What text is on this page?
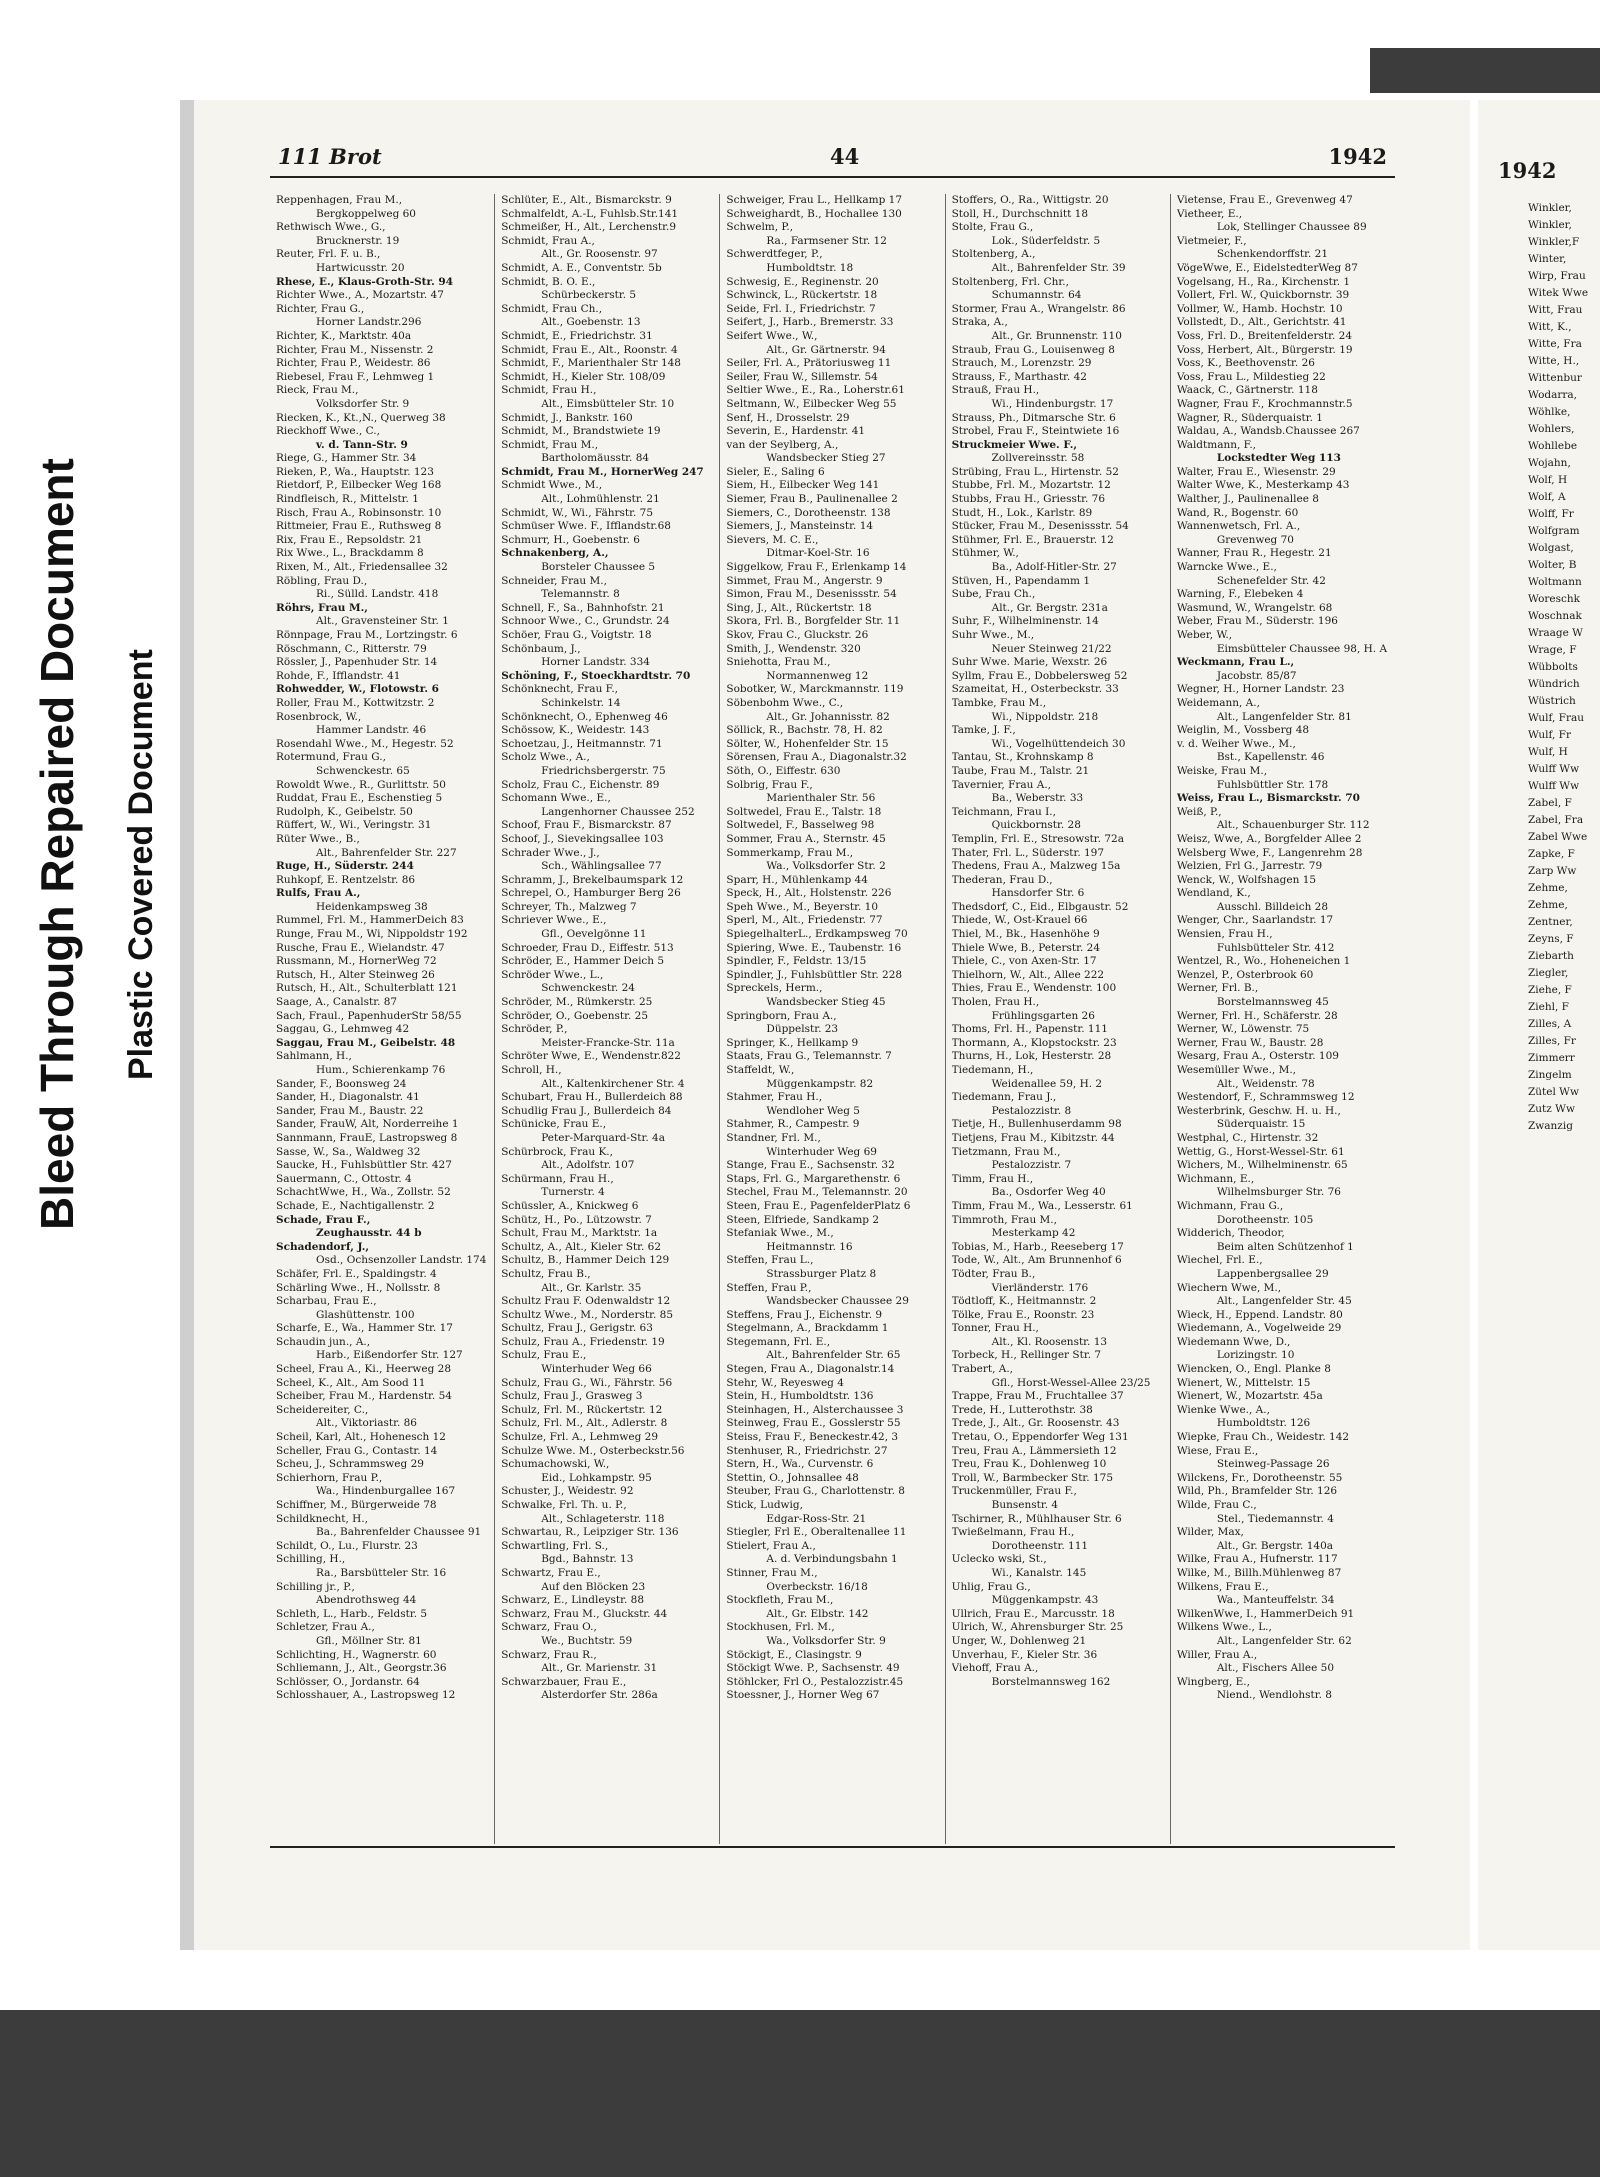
Bleed Through Repaired Document Plastic Covered Document
111 Brot	44	1942
Reppenhagen, Frau M.,
Bergkoppelweg 60
Rethwisch Wwe., G.,
Brucknerstr. 19
Reuter, Frl. F. u. B.,
Hartwicusstr. 20
Rhese, E., Klaus-Groth-Str. 94
Richter Wwe., A., Mozartstr. 47
Richter, Frau G.,
Horner Landstr.296
Richter, K., Marktstr. 40a
Richter, Frau M., Nissenstr. 2
Richter, Frau P., Weidestr. 86
Riebesel, Frau F., Lehmweg 1
Rieck, Frau M.,
Volksdorfer Str. 9
Riecken, K., Kt.,N., Querweg 38
Rieckhoff Wwe., C.,
v. d. Tann-Str. 9
Riege, G., Hammer Str. 34
Rieken, P., Wa., Hauptstr. 123
Rietdorf, P., Eilbecker Weg 168
Rindfleisch, R., Mittelstr. 1
Risch, Frau A., Robinsonstr. 10
Rittmeier, Frau E., Ruthsweg 8
Rix, Frau E., Repsoldstr. 21
Rix Wwe., L., Brackdamm 8
Rixen, M., Alt., Friedensallee 32
Röbling, Frau D.,
Ri., Sülld. Landstr. 418
Röhrs, Frau M.,
Alt., Gravensteiner Str. 1
Rönnpage, Frau M., Lortzingstr. 6
Röschmann, C., Ritterstr. 79
Rössler, J., Papenhuder Str. 14
Rohde, F., Ifflandstr. 41
Rohwedder, W., Flotowstr. 6
Roller, Frau M., Kottwitzstr. 2
Rosenbrock, W.,
Hammer Landstr. 46
Rosendahl Wwe., M., Hegestr. 52
Rotermund, Frau G.,
Schwenckestr. 65
Rowoldt Wwe., R., Gurlittstr. 50
Ruddat, Frau E., Eschenstieg 5
Rudolph, K., Geibelstr. 50
Rüffert, W., Wi., Veringstr. 31
Rüter Wwe., B.,
Alt., Bahrenfelder Str. 227
Ruge, H., Süderstr. 244
Ruhkopf, E. Rentzelstr. 86
Rulfs, Frau A.,
Heidenkampsweg 38
Rummel, Frl. M., HammerDeich 83
Runge, Frau M., Wi, Nippoldstr 192
Rusche, Frau E., Wielandstr. 47
Russmann, M., HornerWeg 72
Rutsch, H., Alter Steinweg 26
Rutsch, H., Alt., Schulterblatt 121
Saage, A., Canalstr. 87
Sach, Fraul., PapenhuderStr 58/55
Saggau, G., Lehmweg 42
Saggau, Frau M., Geibelstr. 48
Sahlmann, H.,
Hum., Schierenkamp 76
Sander, F., Boonsweg 24
Sander, H., Diagonalstr. 41
Sander, Frau M., Baustr. 22
Sander, FrauW, Alt, Norderreihe 1
Sannmann, FrauE, Lastropsweg 8
Sasse, W., Sa., Waldweg 32
Saucke, H., Fuhlsbüttler Str. 427
Sauermann, C., Ottostr. 4
SchachtWwe, H., Wa., Zollstr. 52
Schade, E., Nachtigallenstr. 2
Schade, Frau F.,
Zeughausstr. 44 b
Schadendorf, J.,
Osd., Ochsenzoller Landstr. 174
Schäfer, Frl. E., Spaldingstr. 4
Schärling Wwe., H., Nollsstr. 8
Scharbau, Frau E.,
Glashüttenstr. 100
Scharfe, E., Wa., Hammer Str. 17
Schaudin jun., A.,
Harb., Eißendorfer Str. 127
Scheel, Frau A., Ki., Heerweg 28
Scheel, K., Alt., Am Sood 11
Scheiber, Frau M., Hardenstr. 54
Scheidereiter, C.,
Alt., Viktoriastr. 86
Scheil, Karl, Alt., Hohenesch 12
Scheller, Frau G., Contastr. 14
Scheu, J., Schrammsweg 29
Schierhorn, Frau P.,
Wa., Hindenburgallee 167
Schiffner, M., Bürgerweide 78
Schildknecht, H.,
Ba., Bahrenfelder Chaussee 91
Schildt, O., Lu., Flurstr. 23
Schilling, H.,
Ra., Barsbütteler Str. 16
Schilling jr., P.,
Abendrothsweg 44
Schleth, L., Harb., Feldstr. 5
Schletzer, Frau A.,
Gfl., Möllner Str. 81
Schlichting, H., Wagnerstr. 60
Schliemann, J., Alt., Georgstr.36
Schlösser, O., Jordanstr. 64
Schlosshauer, A., Lastropsweg 12
Schlüter, E., Alt., Bismarckstr. 9
Schmalfeldt, A.-L, Fuhlsb.Str.141
Schmeißer, H., Alt., Lerchenstr.9
Schmidt, Frau A.,
Alt., Gr. Roosenstr. 97
Schmidt, A. E., Conventstr. 5b
Schmidt, B. O. E.,
Schürbeckerstr. 5
Schmidt, Frau Ch.,
Alt., Goebenstr. 13
Schmidt, E., Friedrichstr. 31
Schmidt, Frau E., Alt., Roonstr. 4
Schmidt, F., Marienthaler Str 148
Schmidt, H., Kieler Str. 108/09
Schmidt, Frau H.,
Alt., Eimsbütteler Str. 10
Schmidt, J., Bankstr. 160
Schmidt, M., Brandstwiete 19
Schmidt, Frau M.,
Bartholomäusstr. 84
Schmidt, Frau M., HornerWeg 247
Schmidt Wwe., M.,
Alt., Lohmühlenstr. 21
Schmidt, W., Wi., Fährstr. 75
Schmüser Wwe. F., Ifflandstr.68
Schmurr, H., Goebenstr. 6
Schnakenberg, A.,
Borsteler Chaussee 5
Schneider, Frau M.,
Telemannstr. 8
Schnell, F., Sa., Bahnhofstr. 21
Schnoor Wwe., C., Grundstr. 24
Schöer, Frau G., Voigtstr. 18
Schönbaum, J.,
Horner Landstr. 334
Schöning, F., Stoeckhardtstr. 70
Schönknecht, Frau F.,
Schinkelstr. 14
Schönknecht, O., Ephenweg 46
Schössow, K., Weidestr. 143
Schoetzau, J., Heitmannstr. 71
Scholz Wwe., A.,
Friedrichsbergerstr. 75
Scholz, Frau C., Eichenstr. 89
Schomann Wwe., E.,
Langenhorner Chaussee 252
Schoof, Frau F., Bismarckstr. 87
Schoof, J., Sievekingsallee 103
Schrader Wwe., J.,
Sch., Wählingsallee 77
Schramm, J., Brekelbaumspark 12
Schrepel, O., Hamburger Berg 26
Schreyer, Th., Malzweg 7
Schriever Wwe., E.,
Gfl., Oevelgönne 11
Schroeder, Frau D., Eiffestr. 513
Schröder, E., Hammer Deich 5
Schröder Wwe., L.,
Schwenckestr. 24
Schröder, M., Rümkerstr. 25
Schröder, O., Goebenstr. 25
Schröder, P.,
Meister-Francke-Str. 11a
Schröter Wwe, E., Wendenstr.822
Schroll, H.,
Alt., Kaltenkirchener Str. 4
Schubart, Frau H., Bullerdeich 88
Schudlig Frau J., Bullerdeich 84
Schünicke, Frau E.,
Peter-Marquard-Str. 4a
Schürbrock, Frau K.,
Alt., Adolfstr. 107
Schürmann, Frau H.,
Turnerstr. 4
Schüssler, A., Knickweg 6
Schütz, H., Po., Lützowstr. 7
Schult, Frau M., Marktstr. 1a
Schultz, A., Alt., Kieler Str. 62
Schultz, B., Hammer Deich 129
Schultz, Frau B.,
Alt., Gr. Karlstr. 35
Schultz Frau F. Odenwaldstr 12
Schultz Wwe., M., Norderstr. 85
Schultz, Frau J., Gerigstr. 63
Schulz, Frau A., Friedenstr. 19
Schulz, Frau E.,
Winterhuder Weg 66
Schulz, Frau G., Wi., Fährstr. 56
Schulz, Frau J., Grasweg 3
Schulz, Frl. M., Rückertstr. 12
Schulz, Frl. M., Alt., Adlerstr. 8
Schulze, Frl. A., Lehmweg 29
Schulze Wwe. M., Osterbeckstr.56
Schumachowski, W.,
Eid., Lohkampstr. 95
Schuster, J., Weidestr. 92
Schwalke, Frl. Th. u. P.,
Alt., Schlageterstr. 118
Schwartau, R., Leipziger Str. 136
Schwartling, Frl. S.,
Bgd., Bahnstr. 13
Schwartz, Frau E.,
Auf den Blöcken 23
Schwarz, E., Lindleystr. 88
Schwarz, Frau M., Gluckstr. 44
Schwarz, Frau O.,
We., Buchtstr. 59
Schwarz, Frau R.,
Alt., Gr. Marienstr. 31
Schwarzbauer, Frau E.,
Alsterdorfer Str. 286a
Schweiger, Frau L., Hellkamp 17
Schweighardt, B., Hochallee 130
Schwelm, P.,
Ra., Farmsener Str. 12
Schwerdtfeger, P.,
Humboldtstr. 18
Schwesig, E., Reginenstr. 20
Schwinck, L., Rückertstr. 18
Seide, Frl. I., Friedrichstr. 7
Seifert, J., Harb., Bremerstr. 33
Seifert Wwe., W.,
Alt., Gr. Gärtnerstr. 94
Seiler, Frl. A., Prätoriusweg 11
Seiler, Frau W., Sillemstr. 54
Seltier Wwe., E., Ra., Loherstr.61
Seltmann, W., Eilbecker Weg 55
Senf, H., Drosselstr. 29
Severin, E., Hardenstr. 41
van der Seylberg, A.,
Wandsbecker Stieg 27
Sieler, E., Saling 6
Siem, H., Eilbecker Weg 141
Siemer, Frau B., Paulinenallee 2
Siemers, C., Dorotheenstr. 138
Siemers, J., Mansteinstr. 14
Sievers, M. C. E.,
Ditmar-Koel-Str. 16
Siggelkow, Frau F., Erlenkamp 14
Simmet, Frau M., Angerstr. 9
Simon, Frau M., Desenissstr. 54
Sing, J., Alt., Rückertstr. 18
Skora, Frl. B., Borgfelder Str. 11
Skov, Frau C., Gluckstr. 26
Smith, J., Wendenstr. 320
Sniehotta, Frau M.,
Normannenweg 12
Sobotker, W., Marckmannstr. 119
Söbenbohm Wwe., C.,
Alt., Gr. Johannisstr. 82
Söllick, R., Bachstr. 78, H. 82
Sölter, W., Hohenfelder Str. 15
Sörensen, Frau A., Diagonalstr.32
Söth, O., Eiffestr. 630
Solbrig, Frau F.,
Marienthaler Str. 56
Soltwedel, Frau E., Talstr. 18
Soltwedel, F., Basselweg 98
Sommer, Frau A., Sternstr. 45
Sommerkamp, Frau M.,
Wa., Volksdorfer Str. 2
Sparr, H., Mühlenkamp 44
Speck, H., Alt., Holstenstr. 226
Speh Wwe., M., Beyerstr. 10
Sperl, M., Alt., Friedenstr. 77
SpiegelhalterL., Erdkampsweg 70
Spiering, Wwe. E., Taubenstr. 16
Spindler, F., Feldstr. 13/15
Spindler, J., Fuhlsbüttler Str. 228
Spreckels, Herm.,
Wandsbecker Stieg 45
Springborn, Frau A.,
Düppelstr. 23
Springer, K., Hellkamp 9
Staats, Frau G., Telemannstr. 7
Staffeldt, W.,
Müggenkampstr. 82
Stahmer, Frau H.,
Wendloher Weg 5
Stahmer, R., Campestr. 9
Standner, Frl. M.,
Winterhuder Weg 69
Stange, Frau E., Sachsenstr. 32
Staps, Frl. G., Margarethenstr. 6
Stechel, Frau M., Telemannstr. 20
Steen, Frau E., PagenfelderPlatz 6
Steen, Elfriede, Sandkamp 2
Stefaniak Wwe., M.,
Heitmannstr. 16
Steffen, Frau L.,
Strassburger Platz 8
Steffen, Frau P.,
Wandsbecker Chaussee 29
Steffens, Frau J., Eichenstr. 9
Stegelmann, A., Brackdamm 1
Stegemann, Frl. E.,
Alt., Bahrenfelder Str. 65
Stegen, Frau A., Diagonalstr.14
Stehr, W., Reyesweg 4
Stein, H., Humboldtstr. 136
Steinhagen, H., Alsterchaussee 3
Steinweg, Frau E., Gosslerstr 55
Steiss, Frau F., Beneckestr.42, 3
Stenhuser, R., Friedrichstr. 27
Stern, H., Wa., Curvenstr. 6
Stettin, O., Johnsallee 48
Steuber, Frau G., Charlottenstr. 8
Stick, Ludwig,
Edgar-Ross-Str. 21
Stiegler, Frl E., Oberaltenallee 11
Stielert, Frau A.,
A. d. Verbindungsbahn 1
Stinner, Frau M.,
Overbeckstr. 16/18
Stockfleth, Frau M.,
Alt., Gr. Elbstr. 142
Stockhusen, Frl. M.,
Wa., Volksdorfer Str. 9
Stöckigt, E., Clasingstr. 9
Stöckigt Wwe. P., Sachsenstr. 49
Stöhlcker, Frl O., Pestalozzistr.45
Stoessner, J., Horner Weg 67
Stoffers, O., Ra., Wittigstr. 20
Stoll, H., Durchschnitt 18
Stolte, Frau G.,
Lok., Süderfeldstr. 5
Stoltenberg, A.,
Alt., Bahrenfelder Str. 39
Stoltenberg, Frl. Chr.,
Schumannstr. 64
Stormer, Frau A., Wrangelstr. 86
Straka, A.,
Alt., Gr. Brunnenstr. 110
Straub, Frau G., Louisenweg 8
Strauch, M., Lorenzstr. 29
Strauss, F., Marthastr. 42
Strauß, Frau H.,
Wi., Hindenburgstr. 17
Strauss, Ph., Ditmarsche Str. 6
Strobel, Frau F., Steintwiete 16
Struckmeier Wwe. F.,
Zollvereinsstr. 58
Strübing, Frau L., Hirtenstr. 52
Stubbe, Frl. M., Mozartstr. 12
Stubbs, Frau H., Griesstr. 76
Studt, H., Lok., Karlstr. 89
Stücker, Frau M., Desenissstr. 54
Stühmer, Frl. E., Brauerstr. 12
Stühmer, W.,
Ba., Adolf-Hitler-Str. 27
Stüven, H., Papendamm 1
Sube, Frau Ch.,
Alt., Gr. Bergstr. 231a
Suhr, F., Wilhelminenstr. 14
Suhr Wwe., M.,
Neuer Steinweg 21/22
Suhr Wwe. Marie, Wexstr. 26
Syllm, Frau E., Dobbelersweg 52
Szameitat, H., Osterbeckstr. 33
Tambke, Frau M.,
Wi., Nippoldstr. 218
Tamke, J. F.,
Wi., Vogelhüttendeich 30
Tantau, St., Krohnskamp 8
Taube, Frau M., Talstr. 21
Tavernier, Frau A.,
Ba., Weberstr. 33
Teichmann, Frau I.,
Quickbornstr. 28
Templin, Frl. E., Stresowstr. 72a
Thater, Frl. L., Süderstr. 197
Thedens, Frau A., Malzweg 15a
Thederan, Frau D.,
Hansdorfer Str. 6
Thedsdorf, C., Eid., Elbgaustr. 52
Thiede, W., Ost-Krauel 66
Thiel, M., Bk., Hasenhöhe 9
Thiele Wwe, B., Peterstr. 24
Thiele, C., von Axen-Str. 17
Thielhorn, W., Alt., Allee 222
Thies, Frau E., Wendenstr. 100
Tholen, Frau H.,
Frühlingsgarten 26
Thoms, Frl. H., Papenstr. 111
Thormann, A., Klopstockstr. 23
Thurns, H., Lok, Hesterstr. 28
Tiedemann, H.,
Weidenallee 59, H. 2
Tiedemann, Frau J.,
Pestalozzistr. 8
Tietje, H., Bullenhuserdamm 98
Tietjens, Frau M., Kibitzstr. 44
Tietzmann, Frau M.,
Pestalozzistr. 7
Timm, Frau H.,
Ba., Osdorfer Weg 40
Timm, Frau M., Wa., Lesserstr. 61
Timmroth, Frau M.,
Mesterkamp 42
Tobias, M., Harb., Reeseberg 17
Tode, W., Alt., Am Brunnenhof 6
Tödter, Frau B.,
Vierländerstr. 176
Tödtloff, K., Heitmannstr. 2
Tölke, Frau E., Roonstr. 23
Tonner, Frau H.,
Alt., Kl. Roosenstr. 13
Torbeck, H., Rellinger Str. 7
Trabert, A.,
Gfl., Horst-Wessel-Allee 23/25
Trappe, Frau M., Fruchtallee 37
Trede, H., Lutterothstr. 38
Trede, J., Alt., Gr. Roosenstr. 43
Tretau, O., Eppendorfer Weg 131
Treu, Frau A., Lämmersieth 12
Treu, Frau K., Dohlenweg 10
Troll, W., Barmbecker Str. 175
Truckenmüller, Frau F.,
Bunsenstr. 4
Tschirner, R., Mühlhauser Str. 6
Twießelmann, Frau H.,
Dorotheenstr. 111
Uclecko wski, St.,
Wi., Kanalstr. 145
Uhlig, Frau G.,
Müggenkampstr. 43
Ullrich, Frau E., Marcusstr. 18
Ulrich, W., Ahrensburger Str. 25
Unger, W., Dohlenweg 21
Unverhau, F., Kieler Str. 36
Viehoff, Frau A.,
Borstelmannsweg 162
Vietense, Frau E., Grevenweg 47
Vietheer, E.,
Lok, Stellinger Chaussee 89
Vietmeier, F.,
Schenkendorffstr. 21
VögeWwe, E., EidelstedterWeg 87
Vogelsang, H., Ra., Kirchenstr. 1
Vollert, Frl. W., Quickbornstr. 39
Vollmer, W., Hamb. Hochstr. 10
Vollstedt, D., Alt., Gerichtstr. 41
Voss, Frl. D., Breitenfelderstr. 24
Voss, Herbert, Alt., Bürgerstr. 19
Voss, K., Beethovenstr. 26
Voss, Frau L., Mildestieg 22
Waack, C., Gärtnerstr. 118
Wagner, Frau F., Krochmannstr.5
Wagner, R., Süderquaistr. 1
Waldau, A., Wandsb.Chaussee 267
Waldtmann, F.,
Lockstedter Weg 113
Walter, Frau E., Wiesenstr. 29
Walter Wwe, K., Mesterkamp 43
Walther, J., Paulinenallee 8
Wand, R., Bogenstr. 60
Wannenwetsch, Frl. A.,
Grevenweg 70
Wanner, Frau R., Hegestr. 21
Warncke Wwe., E.,
Schenefelder Str. 42
Warning, F., Elebeken 4
Wasmund, W., Wrangelstr. 68
Weber, Frau M., Süderstr. 196
Weber, W.,
Eimsbütteler Chaussee 98, H. A
Weckmann, Frau L.,
Jacobstr. 85/87
Wegner, H., Horner Landstr. 23
Weidemann, A.,
Alt., Langenfelder Str. 81
Weiglin, M., Vossberg 48
v. d. Weiher Wwe., M.,
Bst., Kapellenstr. 46
Weiske, Frau M.,
Fuhlsbüttler Str. 178
Weiss, Frau L., Bismarckstr. 70
Weiß, P.,
Alt., Schauenburger Str. 112
Weisz, Wwe, A., Borgfelder Allee 2
Welsberg Wwe, F., Langenrehm 28
Welzien, Frl G., Jarrestr. 79
Wenck, W., Wolfshagen 15
Wendland, K.,
Ausschl. Billdeich 28
Wenger, Chr., Saarlandstr. 17
Wensien, Frau H.,
Fuhlsbütteler Str. 412
Wentzel, R., Wo., Hoheneichen 1
Wenzel, P., Osterbrook 60
Werner, Frl. B.,
Borstelmannsweg 45
Werner, Frl. H., Schäferstr. 28
Werner, W., Löwenstr. 75
Werner, Frau W., Baustr. 28
Wesarg, Frau A., Osterstr. 109
Wesemüller Wwe., M.,
Alt., Weidenstr. 78
Westendorf, F., Schrammsweg 12
Westerbrink, Geschw. H. u. H.,
Süderquaistr. 15
Westphal, C., Hirtenstr. 32
Wettig, G., Horst-Wessel-Str. 61
Wichers, M., Wilhelminenstr. 65
Wichmann, E.,
Wilhelmsburger Str. 76
Wichmann, Frau G.,
Dorotheenstr. 105
Widderich, Theodor,
Beim alten Schützenhof 1
Wiechel, Frl. E.,
Lappenbergsallee 29
Wiechern Wwe, M.,
Alt., Langenfelder Str. 45
Wieck, H., Eppend. Landstr. 80
Wiedemann, A., Vogelweide 29
Wiedemann Wwe, D.,
Lorizingstr. 10
Wiencken, O., Engl. Planke 8
Wienert, W., Mittelstr. 15
Wienert, W., Mozartstr. 45a
Wienke Wwe., A.,
Humboldtstr. 126
Wiepke, Frau Ch., Weidestr. 142
Wiese, Frau E.,
Steinweg-Passage 26
Wilckens, Fr., Dorotheenstr. 55
Wild, Ph., Bramfelder Str. 126
Wilde, Frau C.,
Stel., Tiedemannstr. 4
Wilder, Max,
Alt., Gr. Bergstr. 140a
Wilke, Frau A., Hufnerstr. 117
Wilke, M., Billh.Mühlenweg 87
Wilkens, Frau E.,
Wa., Manteuffelstr. 34
WilkenWwe, I., HammerDeich 91
Wilkens Wwe., L.,
Alt., Langenfelder Str. 62
Willer, Frau A.,
Alt., Fischers Allee 50
Wingberg, E.,
Niend., Wendlohstr. 8
1942
Winkler,
Winkler,
Winkler,F
Winter,
Wirp, Frau
Witek Wwe
Witt, Frau
Witt, K.,
Witte, Fra
Witte, H.,
Wittenbur
Wodarra,
Wöhlke,
Wohlers,
Wohllebe
Wojahn,
Wolf, H
Wolf, A
Wolff, Fr
Wolfgram
Wolgast,
Wolter, B
Woltmann
Woreschk
Woschnak
Wraage W
Wrage, F
Wübbolts
Wündrich
Wüstrich
Wulf, Frau
Wulf, Fr
Wulf, H
Wulff Ww
Wulff Ww
Zabel, F
Zabel, Fra
Zabel Wwe
Zapke, F
Zarp Ww
Zehme,
Zehme,
Zentner,
Zeyns, F
Ziebarth
Ziegler,
Ziehe, F
Ziehl, F
Zilles, A
Zilles, Fr
Zimmerr
Zingelm
Zütel Ww
Zutz Ww
Zwanzig
